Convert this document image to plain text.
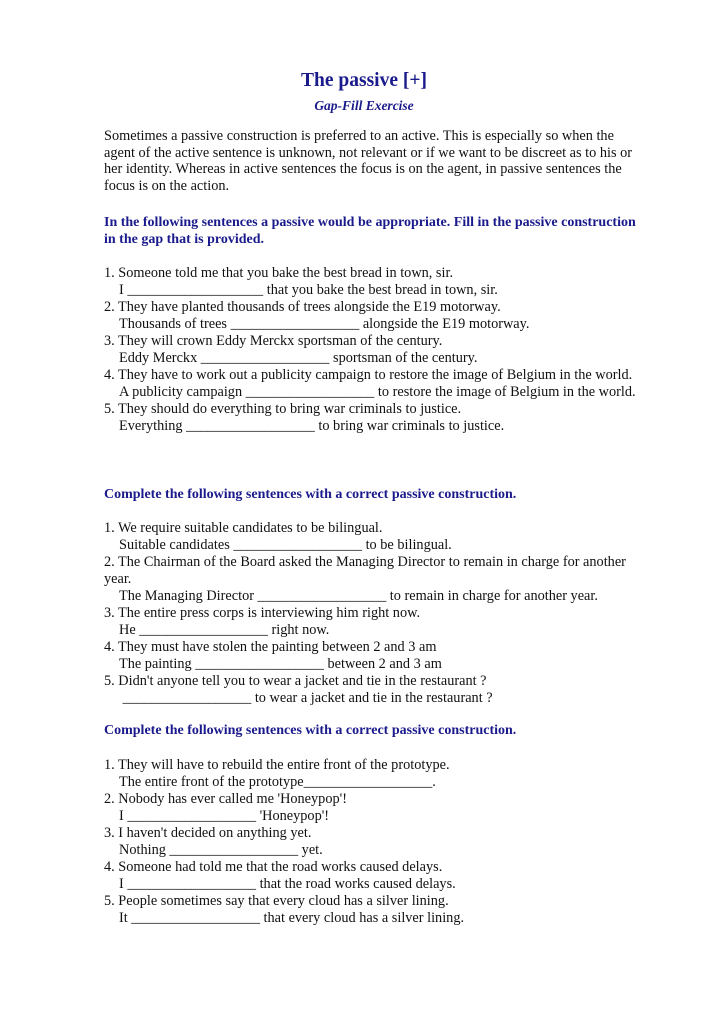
The passive [+]
Gap-Fill Exercise
Sometimes a passive construction is preferred to an active. This is especially so when the agent of the active sentence is unknown, not relevant or if we want to be discreet as to his or her identity. Whereas in active sentences the focus is on the agent, in passive sentences the focus is on the action.
In the following sentences a passive would be appropriate. Fill in the passive construction in the gap that is provided.
1. Someone told me that you bake the best bread in town, sir.
I ___________________ that you bake the best bread in town, sir.
2. They have planted thousands of trees alongside the E19 motorway.
Thousands of trees __________________ alongside the E19 motorway.
3. They will crown Eddy Merckx sportsman of the century.
Eddy Merckx __________________ sportsman of the century.
4. They have to work out a publicity campaign to restore the image of Belgium in the world.
A publicity campaign __________________ to restore the image of Belgium in the world.
5. They should do everything to bring war criminals to justice.
Everything __________________ to bring war criminals to justice.
Complete the following sentences with a correct passive construction.
1. We require suitable candidates to be bilingual.
Suitable candidates __________________ to be bilingual.
2. The Chairman of the Board asked the Managing Director to remain in charge for another year.
The Managing Director __________________ to remain in charge for another year.
3. The entire press corps is interviewing him right now.
He __________________ right now.
4. They must have stolen the painting between 2 and 3 am
The painting __________________ between 2 and 3 am
5. Didn't anyone tell you to wear a jacket and tie in the restaurant ?
__________________ to wear a jacket and tie in the restaurant ?
Complete the following sentences with a correct passive construction.
1. They will have to rebuild the entire front of the prototype.
The entire front of the prototype__________________.
2. Nobody has ever called me 'Honeypop'!
I __________________ 'Honeypop'!
3. I haven't decided on anything yet.
Nothing __________________ yet.
4. Someone had told me that the road works caused delays.
I __________________ that the road works caused delays.
5. People sometimes say that every cloud has a silver lining.
It __________________ that every cloud has a silver lining.
